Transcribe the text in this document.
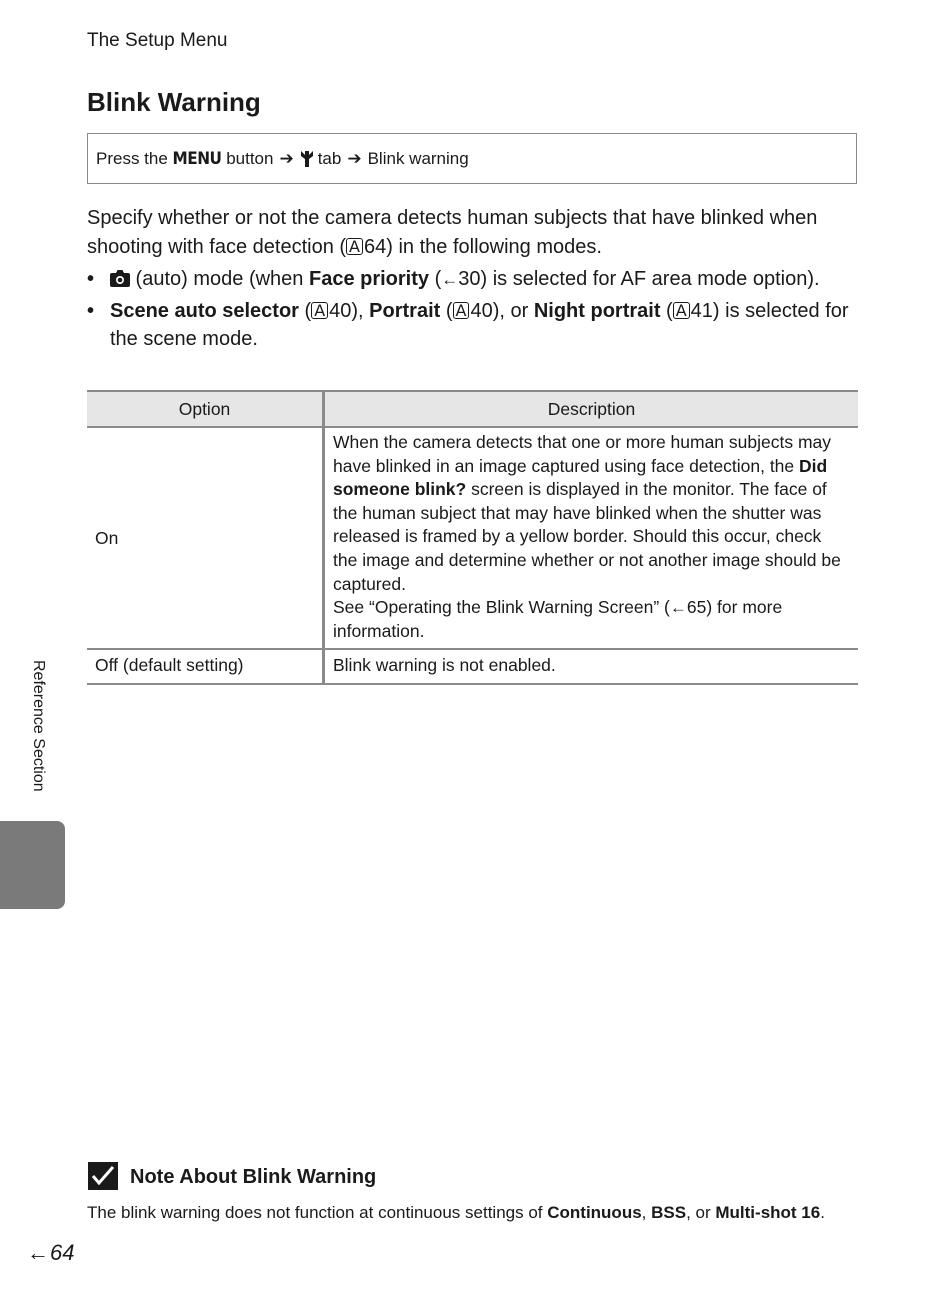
The Setup Menu
Blink Warning
Press the
MENU
button ➔ tab ➔ Blink warning

Specify whether or not the camera detects human subjects that have blinked when shooting with face detection ( A 64) in the following modes.

• (auto) mode (when Face priority (← 30) is selected for AF area mode option).
• Scene auto selector ( A 40), Portrait ( A 40), or Night portrait ( A 41) is selected for the scene mode.
Option	Description
On	When the camera detects that one or more human subjects may have blinked in an image captured using face detection, the Did someone blink? screen is displayed in the monitor. The face of the human subject that may have blinked when the shutter was released is framed by a yellow border. Should this occur, check the image and determine whether or not another image should be captured.

See “Operating the Blink Warning Screen” (← 65) for more information.

Off (default setting)	Blink warning is not enabled.
Reference Section
Note About Blink Warning

The blink warning does not function at continuous settings of Continuous, BSS, or Multi-shot 16.

← 64
